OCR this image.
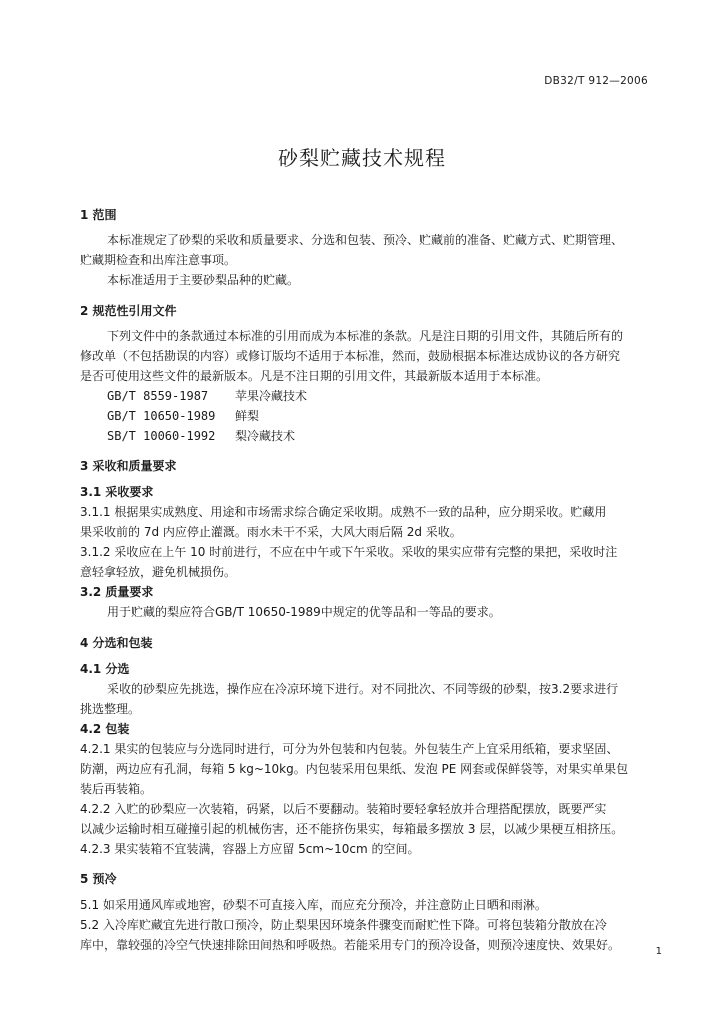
DB32/T 912—2006
砂梨贮藏技术规程
1 范围
本标准规定了砂梨的采收和质量要求、分选和包装、预冷、贮藏前的准备、贮藏方式、贮期管理、
贮藏期检查和出库注意事项。
本标准适用于主要砂梨品种的贮藏。
2 规范性引用文件
下列文件中的条款通过本标准的引用而成为本标准的条款。凡是注日期的引用文件，其随后所有的
修改单（不包括勘误的内容）或修订版均不适用于本标准，然而，鼓励根据本标准达成协议的各方研究
是否可使用这些文件的最新版本。凡是不注日期的引用文件，其最新版本适用于本标准。
GB/T 8559-1987 苹果冷藏技术
GB/T 10650-1989 鲜梨
SB/T 10060-1992 梨冷藏技术
3 采收和质量要求
3.1 采收要求
3.1.1 根据果实成熟度、用途和市场需求综合确定采收期。成熟不一致的品种，应分期采收。贮藏用
果采收前的 7d 内应停止灌溉。雨水未干不采，大风大雨后隔 2d 采收。
3.1.2 采收应在上午 10 时前进行，不应在中午或下午采收。采收的果实应带有完整的果把，采收时注
意轻拿轻放，避免机械损伤。
3.2 质量要求
用于贮藏的梨应符合GB/T 10650-1989中规定的优等品和一等品的要求。
4 分选和包装
4.1 分选
采收的砂梨应先挑选，操作应在冷凉环境下进行。对不同批次、不同等级的砂梨，按3.2要求进行
挑选整理。
4.2 包装
4.2.1 果实的包装应与分选同时进行，可分为外包装和内包装。外包装生产上宜采用纸箱，要求坚固、
防潮，两边应有孔洞，每箱 5 kg~10kg。内包装采用包果纸、发泡 PE 网套或保鲜袋等，对果实单果包
装后再装箱。
4.2.2 入贮的砂梨应一次装箱，码紧，以后不要翻动。装箱时要轻拿轻放并合理搭配摆放，既要严实
以减少运输时相互碰撞引起的机械伤害，还不能挤伤果实，每箱最多摆放 3 层，以减少果梗互相挤压。
4.2.3 果实装箱不宜装满，容器上方应留 5cm~10cm 的空间。
5 预冷
5.1 如采用通风库或地窖，砂梨不可直接入库，而应充分预冷，并注意防止日晒和雨淋。
5.2 入冷库贮藏宜先进行散口预冷，防止梨果因环境条件骤变而耐贮性下降。可将包装箱分散放在冷
库中，靠较强的冷空气快速排除田间热和呼吸热。若能采用专门的预冷设备，则预冷速度快、效果好。	1
